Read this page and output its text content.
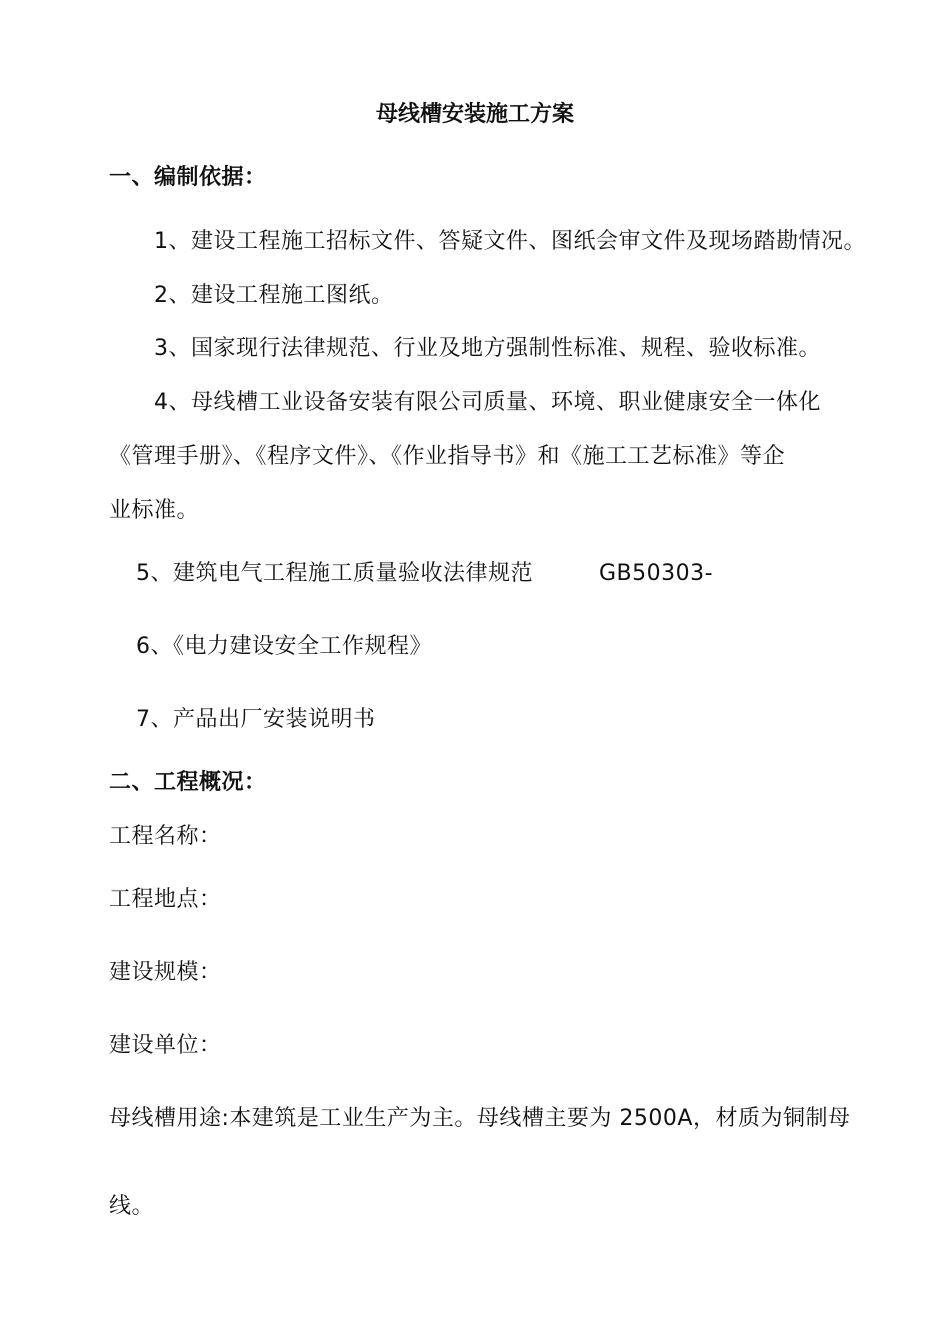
母线槽安装施工方案
一、编制依据：
1、建设工程施工招标文件、答疑文件、图纸会审文件及现场踏勘情况。
2、建设工程施工图纸。
3、国家现行法律规范、行业及地方强制性标准、规程、验收标准。
4、母线槽工业设备安装有限公司质量、环境、职业健康安全一体化
《管理手册》、《程序文件》、《作业指导书》和《施工工艺标准》等企
业标准。
5、建筑电气工程施工质量验收法律规范	GB50303-
6、《电力建设安全工作规程》
7、产品出厂安装说明书
二、工程概况：
工程名称：
工程地点：
建设规模：
建设单位：
母线槽用途:本建筑是工业生产为主。母线槽主要为 2500A，材质为铜制母
线。
